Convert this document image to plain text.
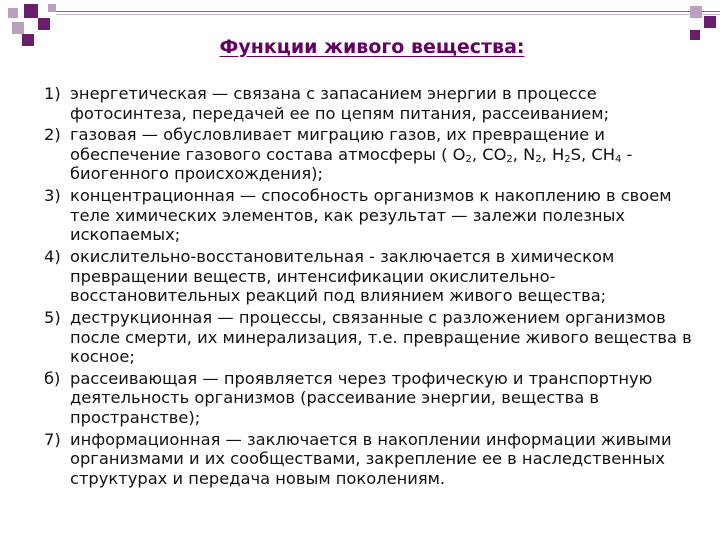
Функции живого вещества:
1) энергетическая — связана с запасанием энергии в процессе фотосинтеза, передачей ее по цепям питания, рассеиванием;
2) газовая — обусловливает миграцию газов, их превращение и обеспечение газового состава атмосферы ( $O_2$, $CO_2$, $N_2$, $H_2S$, $CH_4$ - биогенного происхождения);
3) концентрационная — способность организмов к накоплению в своем теле химических элементов, как результат — залежи полезных ископаемых;
4) окислительно-восстановительная - заключается в химическом превращении веществ, интенсификации окислительно-восстановительных реакций под влиянием живого вещества;
5) деструкционная — процессы, связанные с разложением организмов после смерти, их минерализация, т.е. превращение живого вещества в косное;
б) рассеивающая — проявляется через трофическую и транспортную деятельность организмов (рассеивание энергии, вещества в пространстве);
7) информационная — заключается в накоплении информации живыми организмами и их сообществами, закрепление ее в наследственных структурах и передача новым поколениям.
